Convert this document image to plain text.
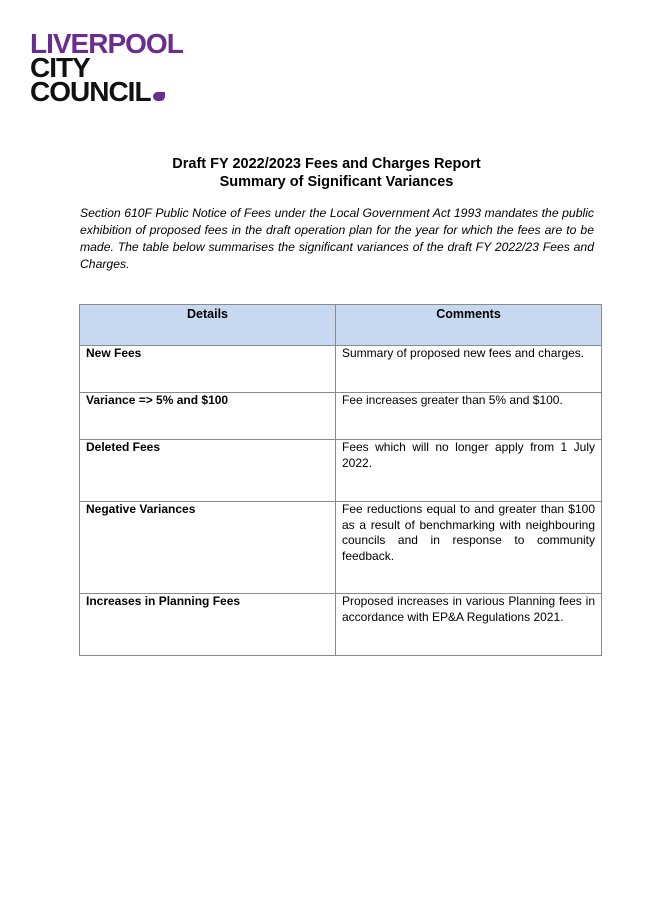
LIVERPOOL
CITY
COUNCIL
Draft FY 2022/2023 Fees and Charges Report
Summary of Significant Variances

Section 610F Public Notice of Fees under the Local Government Act 1993 mandates the public exhibition of proposed fees in the draft operation plan for the year for which the fees are to be made. The table below summarises the significant variances of the draft FY 2022/23 Fees and Charges.

Details	Comments
New Fees	Summary of proposed new fees and charges.
Variance => 5% and $100	Fee increases greater than 5% and $100.
Deleted Fees	Fees which will no longer apply from 1 July 2022.
Negative Variances	Fee reductions equal to and greater than $100 as a result of benchmarking with neighbouring councils and in response to community feedback.
Increases in Planning Fees	Proposed increases in various Planning fees in accordance with EP&A Regulations 2021.
